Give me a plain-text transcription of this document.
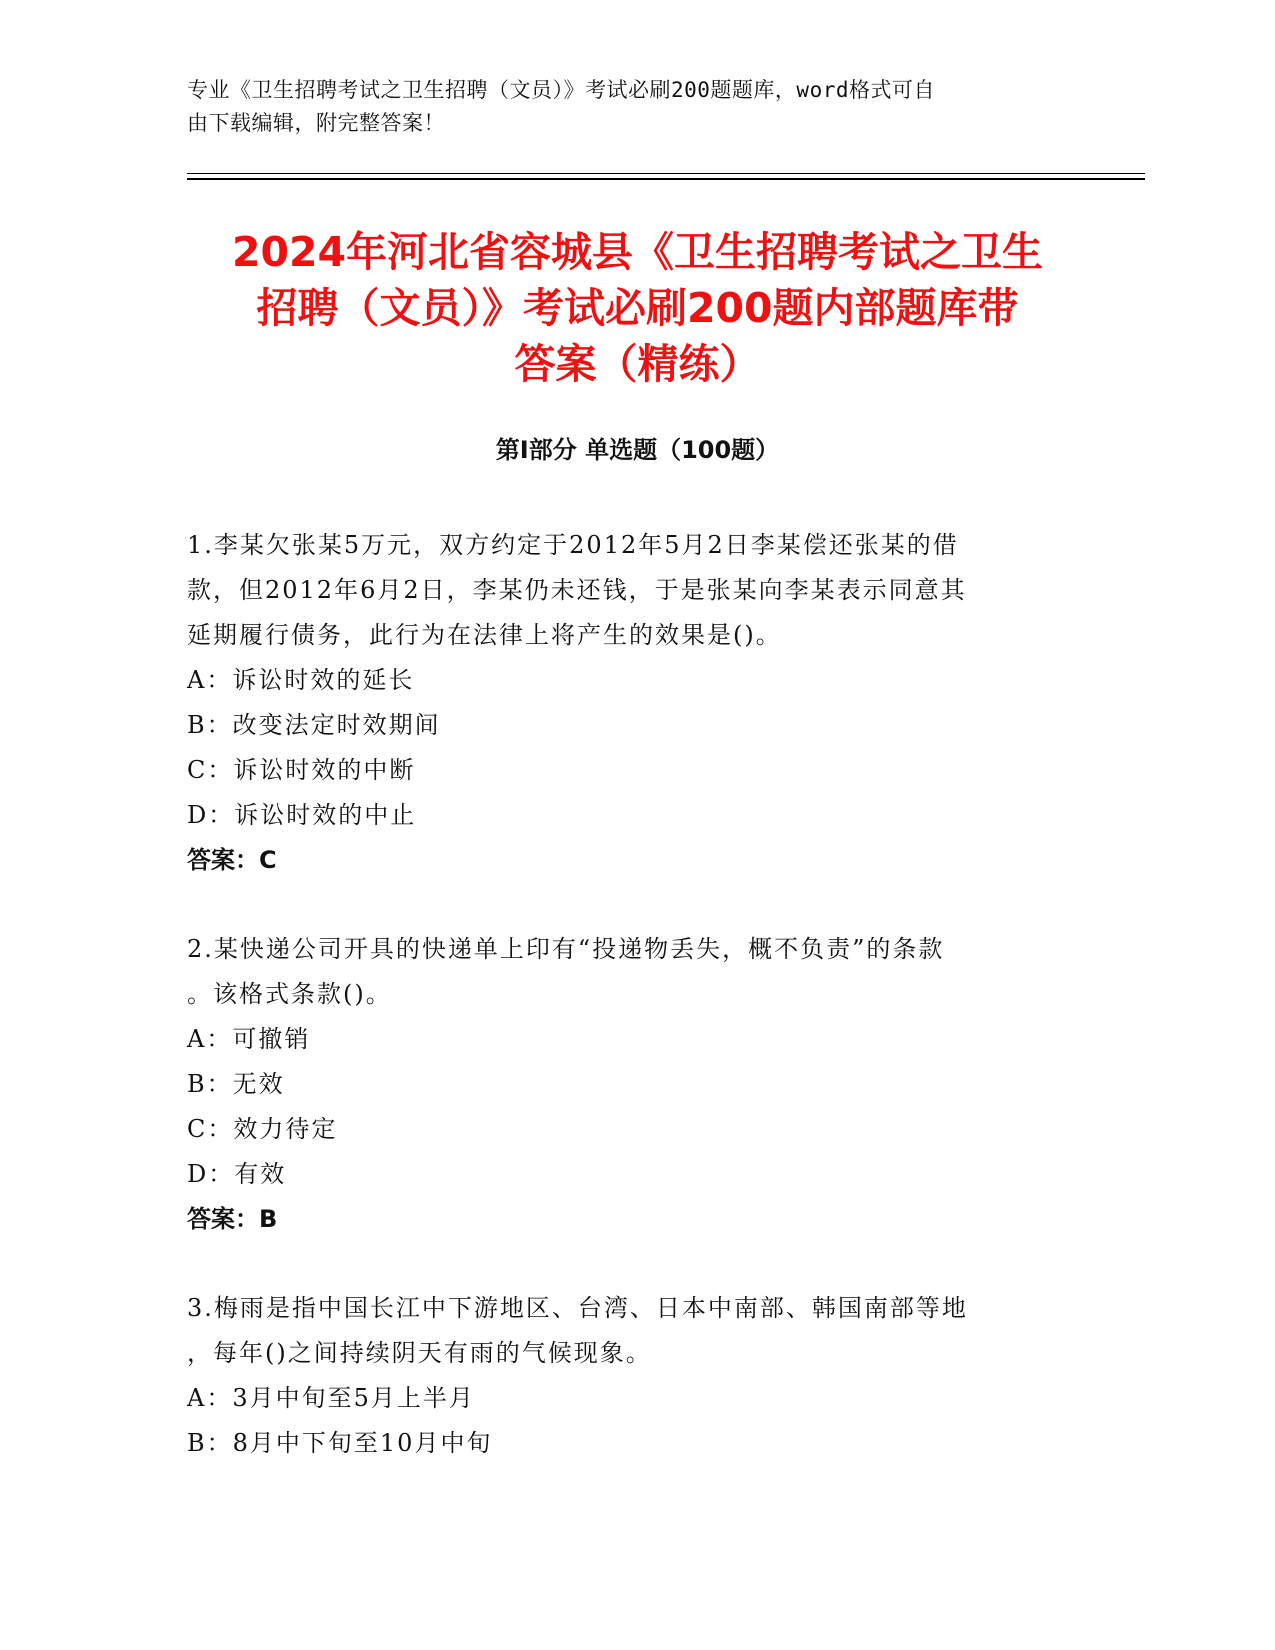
专业《卫生招聘考试之卫生招聘（文员）》考试必刷200题题库，word格式可自
由下载编辑，附完整答案！
2024年河北省容城县《卫生招聘考试之卫生
招聘（文员）》考试必刷200题内部题库带
答案（精练）
第Ⅰ部分 单选题（100题）

1.李某欠张某5万元，双方约定于2012年5月2日李某偿还张某的借

款，但2012年6月2日，李某仍未还钱，于是张某向李某表示同意其

延期履行债务，此行为在法律上将产生的效果是()。

A：诉讼时效的延长

B：改变法定时效期间

C：诉讼时效的中断

D：诉讼时效的中止

答案：C

2.某快递公司开具的快递单上印有“投递物丢失，概不负责”的条款

。该格式条款()。

A：可撤销

B：无效

C：效力待定

D：有效

答案：B

3.梅雨是指中国长江中下游地区、台湾、日本中南部、韩国南部等地

，每年()之间持续阴天有雨的气候现象。

A：3月中旬至5月上半月

B：8月中下旬至10月中旬
